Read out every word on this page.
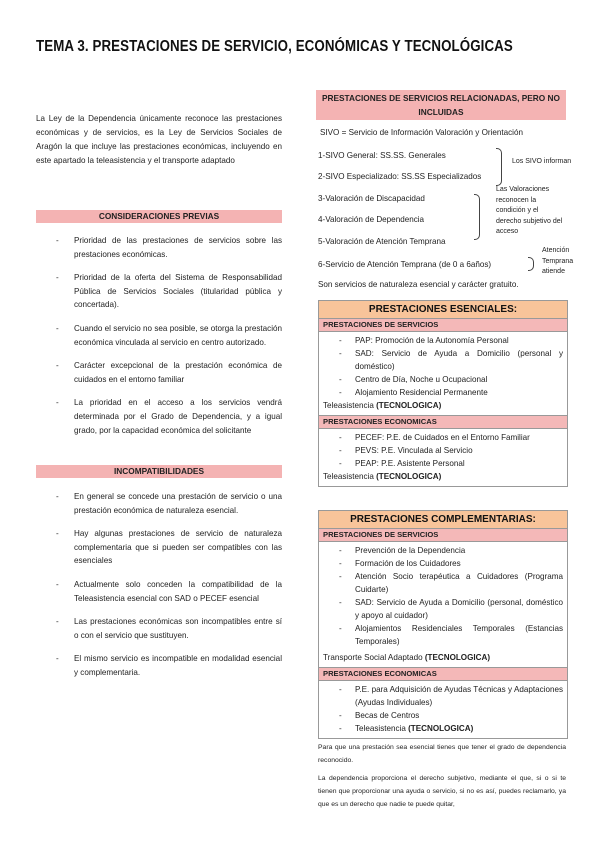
TEMA 3. PRESTACIONES DE SERVICIO, ECONÓMICAS Y TECNOLÓGICAS
La Ley de la Dependencia únicamente reconoce las prestaciones económicas y de servicios, es la Ley de Servicios Sociales de Aragón la que incluye las prestaciones económicas, incluyendo en este apartado la teleasistencia y el transporte adaptado
CONSIDERACIONES PREVIAS
- Prioridad de las prestaciones de servicios sobre las prestaciones económicas.
- Prioridad de la oferta del Sistema de Responsabilidad Pública de Servicios Sociales (titularidad pública y concertada).
- Cuando el servicio no sea posible, se otorga la prestación económica vinculada al servicio en centro autorizado.
- Carácter excepcional de la prestación económica de cuidados en el entorno familiar
- La prioridad en el acceso a los servicios vendrá determinada por el Grado de Dependencia, y a igual grado, por la capacidad económica del solicitante
INCOMPATIBILIDADES
- En general se concede una prestación de servicio o una prestación económica de naturaleza esencial.
- Hay algunas prestaciones de servicio de naturaleza complementaria que si pueden ser compatibles con las esenciales
- Actualmente solo conceden la compatibilidad de la Teleasistencia esencial con SAD o PECEF esencial
- Las prestaciones económicas son incompatibles entre sí o con el servicio que sustituyen.
- El mismo servicio es incompatible en modalidad esencial y complementaria.
PRESTACIONES DE SERVICIOS RELACIONADAS, PERO NO INCLUIDAS
SIVO = Servicio de Información Valoración y Orientación
1-SIVO General: SS.SS. Generales
2-SIVO Especializado: SS.SS Especializados
3-Valoración de Discapacidad
4-Valoración de Dependencia
5-Valoración de Atención Temprana
6-Servicio de Atención Temprana (de 0 a 6años)
Los SIVO informan
Las Valoraciones reconocen la condición y el derecho subjetivo del acceso
Atención Temprana atiende
Son servicios de naturaleza esencial y carácter gratuito.
PRESTACIONES ESENCIALES:
PRESTACIONES DE SERVICIOS
- PAP: Promoción de la Autonomía Personal
- SAD: Servicio de Ayuda a Domicilio (personal y doméstico)
- Centro de Día, Noche u Ocupacional
- Alojamiento Residencial Permanente
Teleasistencia (TECNOLOGICA)
PRESTACIONES ECONOMICAS
- PECEF: P.E. de Cuidados en el Entorno Familiar
- PEVS: P.E. Vinculada al Servicio
- PEAP: P.E. Asistente Personal
Teleasistencia (TECNOLOGICA)
PRESTACIONES COMPLEMENTARIAS:
PRESTACIONES DE SERVICIOS
- Prevención de la Dependencia
- Formación de los Cuidadores
- Atención Socio terapéutica a Cuidadores (Programa Cuidarte)
- SAD: Servicio de Ayuda a Domicilio (personal, doméstico y apoyo al cuidador)
- Alojamientos Residenciales Temporales (Estancias Temporales)
Transporte Social Adaptado (TECNOLOGICA)
PRESTACIONES ECONOMICAS
- P.E. para Adquisición de Ayudas Técnicas y Adaptaciones (Ayudas Individuales)
- Becas de Centros
- Teleasistencia (TECNOLOGICA)
Para que una prestación sea esencial tienes que tener el grado de dependencia reconocido.
La dependencia proporciona el derecho subjetivo, mediante el que, si o si te tienen que proporcionar una ayuda o servicio, si no es así, puedes reclamarlo, ya que es un derecho que nadie te puede quitar,
